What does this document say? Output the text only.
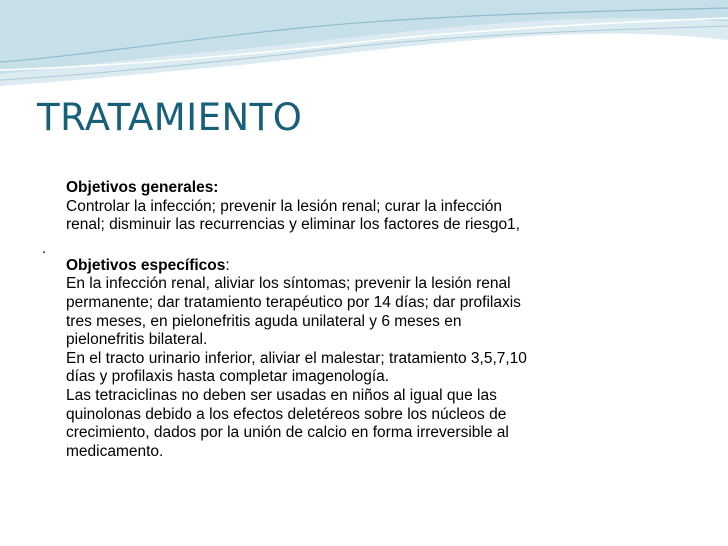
TRATAMIENTO
.

Objetivos generales:

Controlar la infección; prevenir la lesión renal; curar la infección

renal; disminuir las recurrencias y eliminar los factores de riesgo1,

Objetivos específicos:

En la infección renal, aliviar los síntomas; prevenir la lesión renal

permanente; dar tratamiento terapéutico por 14 días; dar profilaxis

tres meses, en pielonefritis aguda unilateral y 6 meses en

pielonefritis bilateral.

En el tracto urinario inferior, aliviar el malestar; tratamiento 3,5,7,10

días y profilaxis hasta completar imagenología.

Las tetraciclinas no deben ser usadas en niños al igual que las

quinolonas debido a los efectos deletéreos sobre los núcleos de

crecimiento, dados por la unión de calcio en forma irreversible al

medicamento.
